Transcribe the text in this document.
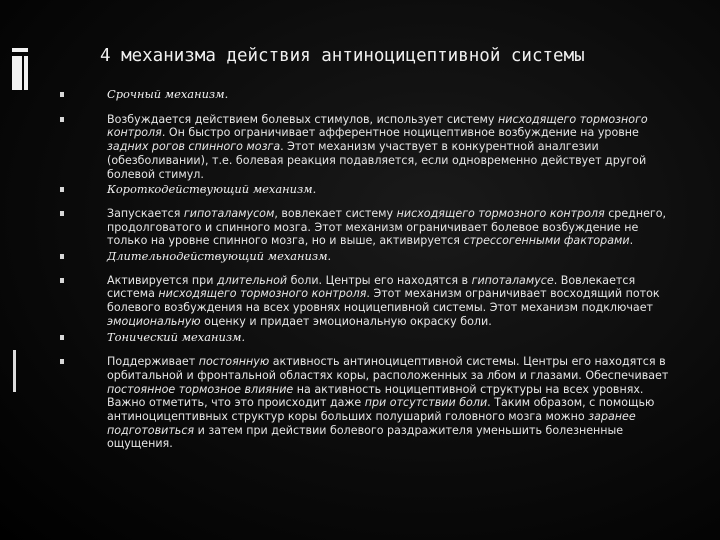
4 механизма действия антиноцицептивной системы
Срочный механизм.
Возбуждается действием болевых стимулов, использует систему нисходящего тормозного контроля. Он быстро ограничивает афферентное ноцицептивное возбуждение на уровне задних рогов спинного мозга. Этот механизм участвует в конкурентной аналгезии (обезболивании), т.е. болевая реакция подавляется, если одновременно действует другой болевой стимул.
Короткодействующий механизм.
Запускается гипоталамусом, вовлекает систему нисходящего тормозного контроля среднего, продолговатого и спинного мозга. Этот механизм ограничивает болевое возбуждение не только на уровне спинного мозга, но и выше, активируется стрессогенными факторами.
Длительнодействующий механизм.
Активируется при длительной боли. Центры его находятся в гипоталамусе. Вовлекается система нисходящего тормозного контроля. Этот механизм ограничивает восходящий поток болевого возбуждения на всех уровнях ноцицепивной системы. Этот механизм подключает эмоциональную оценку и придает эмоциональную окраску боли.
Тонический механизм.
Поддерживает постоянную активность антиноцицептивной системы. Центры его находятся в орбитальной и фронтальной областях коры, расположенных за лбом и глазами. Обеспечивает постоянное тормозное влияние на активность ноцицептивной структуры на всех уровнях. Важно отметить, что это происходит даже при отсутствии боли. Таким образом, с помощью антиноцицептивных структур коры больших полушарий головного мозга можно заранее подготовиться и затем при действии болевого раздражителя уменьшить болезненные ощущения.
